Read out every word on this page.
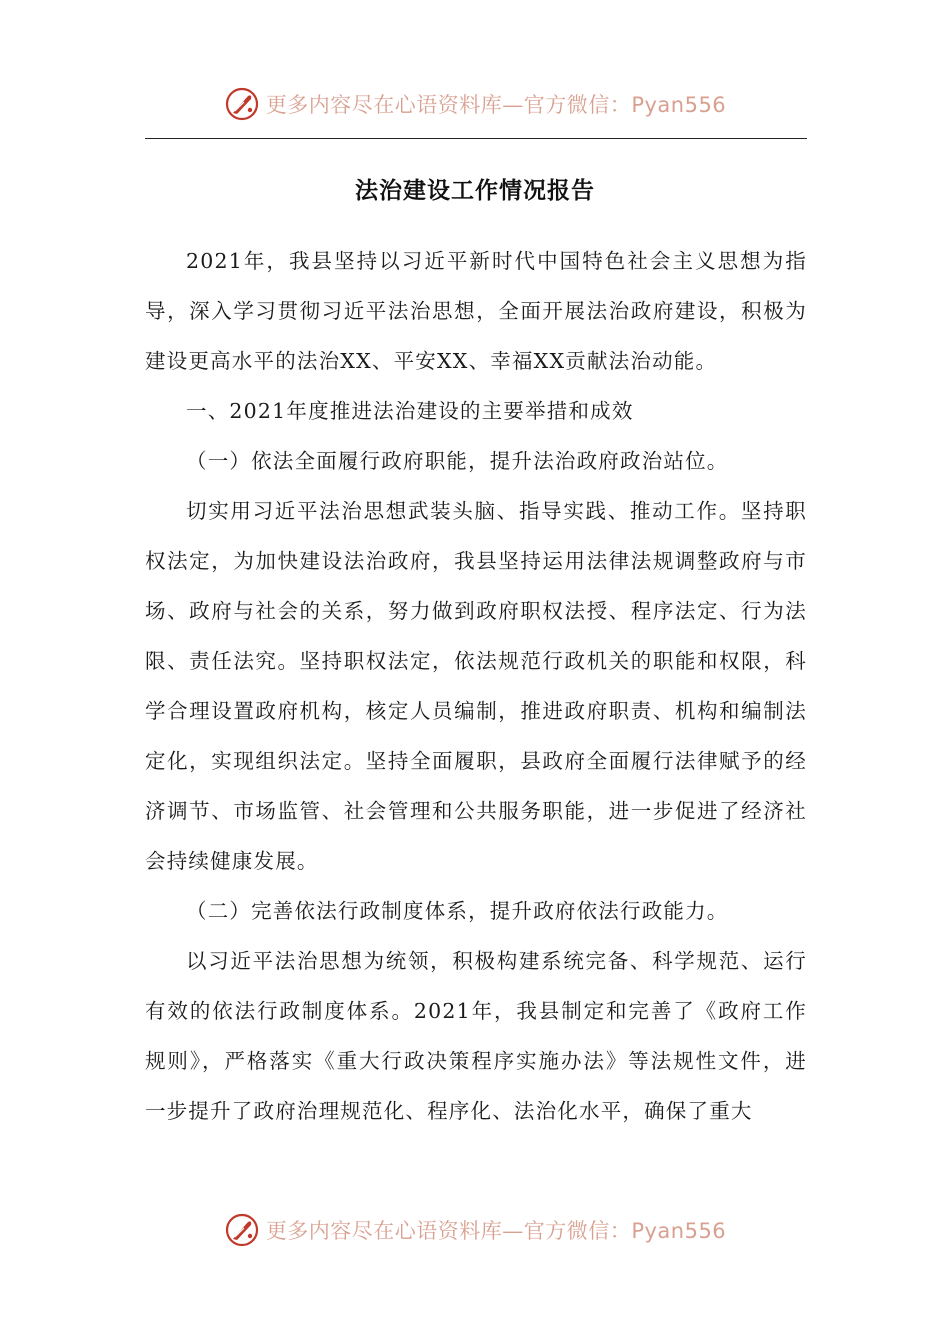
更多内容尽在心语资料库—官方微信：Pyan556
法治建设工作情况报告

2021年，我县坚持以习近平新时代中国特色社会主义思想为指导，深入学习贯彻习近平法治思想，全面开展法治政府建设，积极为建设更高水平的法治XX、平安XX、幸福XX贡献法治动能。

一、2021年度推进法治建设的主要举措和成效

（一）依法全面履行政府职能，提升法治政府政治站位。

切实用习近平法治思想武装头脑、指导实践、推动工作。坚持职权法定，为加快建设法治政府，我县坚持运用法律法规调整政府与市场、政府与社会的关系，努力做到政府职权法授、程序法定、行为法限、责任法究。坚持职权法定，依法规范行政机关的职能和权限，科学合理设置政府机构，核定人员编制，推进政府职责、机构和编制法定化，实现组织法定。坚持全面履职，县政府全面履行法律赋予的经济调节、市场监管、社会管理和公共服务职能，进一步促进了经济社会持续健康发展。

（二）完善依法行政制度体系，提升政府依法行政能力。

以习近平法治思想为统领，积极构建系统完备、科学规范、运行有效的依法行政制度体系。2021年，我县制定和完善了《政府工作规则》，严格落实《重大行政决策程序实施办法》等法规性文件，进一步提升了政府治理规范化、程序化、法治化水平，确保了重大

更多内容尽在心语资料库—官方微信：Pyan556
